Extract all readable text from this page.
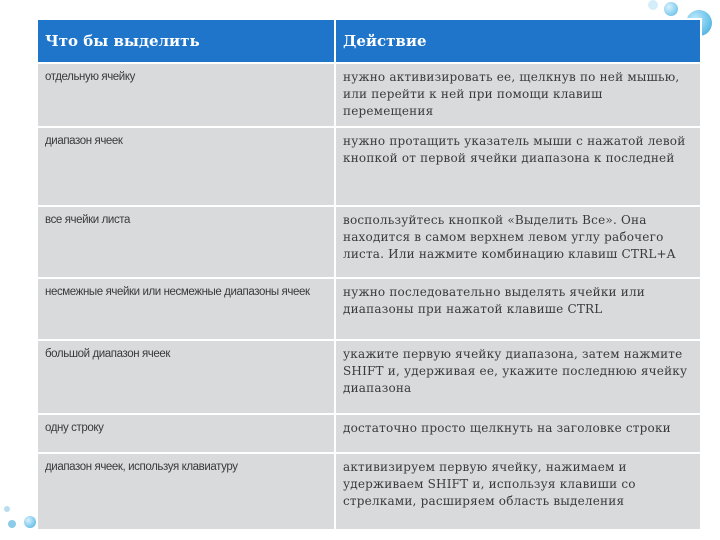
Что бы выделить	Действие
отдельную ячейку	нужно активизировать ее, щелкнув по ней мышью, или перейти к ней при помощи клавиш перемещения
диапазон ячеек	нужно протащить указатель мыши с нажатой левой кнопкой от первой ячейки диапазона к последней
все ячейки листа	воспользуйтесь кнопкой «Выделить Все». Она находится в самом верхнем левом углу рабочего листа. Или нажмите комбинацию клавиш CTRL+A
несмежные ячейки или несмежные диапазоны ячеек	нужно последовательно выделять ячейки или диапазоны при нажатой клавише CTRL
большой диапазон ячеек	укажите первую ячейку диапазона, затем нажмите SHIFT и, удерживая ее, укажите последнюю ячейку диапазона
одну строку	достаточно просто щелкнуть на заголовке строки
диапазон ячеек, используя клавиатуру	активизируем первую ячейку, нажимаем и удерживаем SHIFT и, используя клавиши со стрелками, расширяем область выделения
